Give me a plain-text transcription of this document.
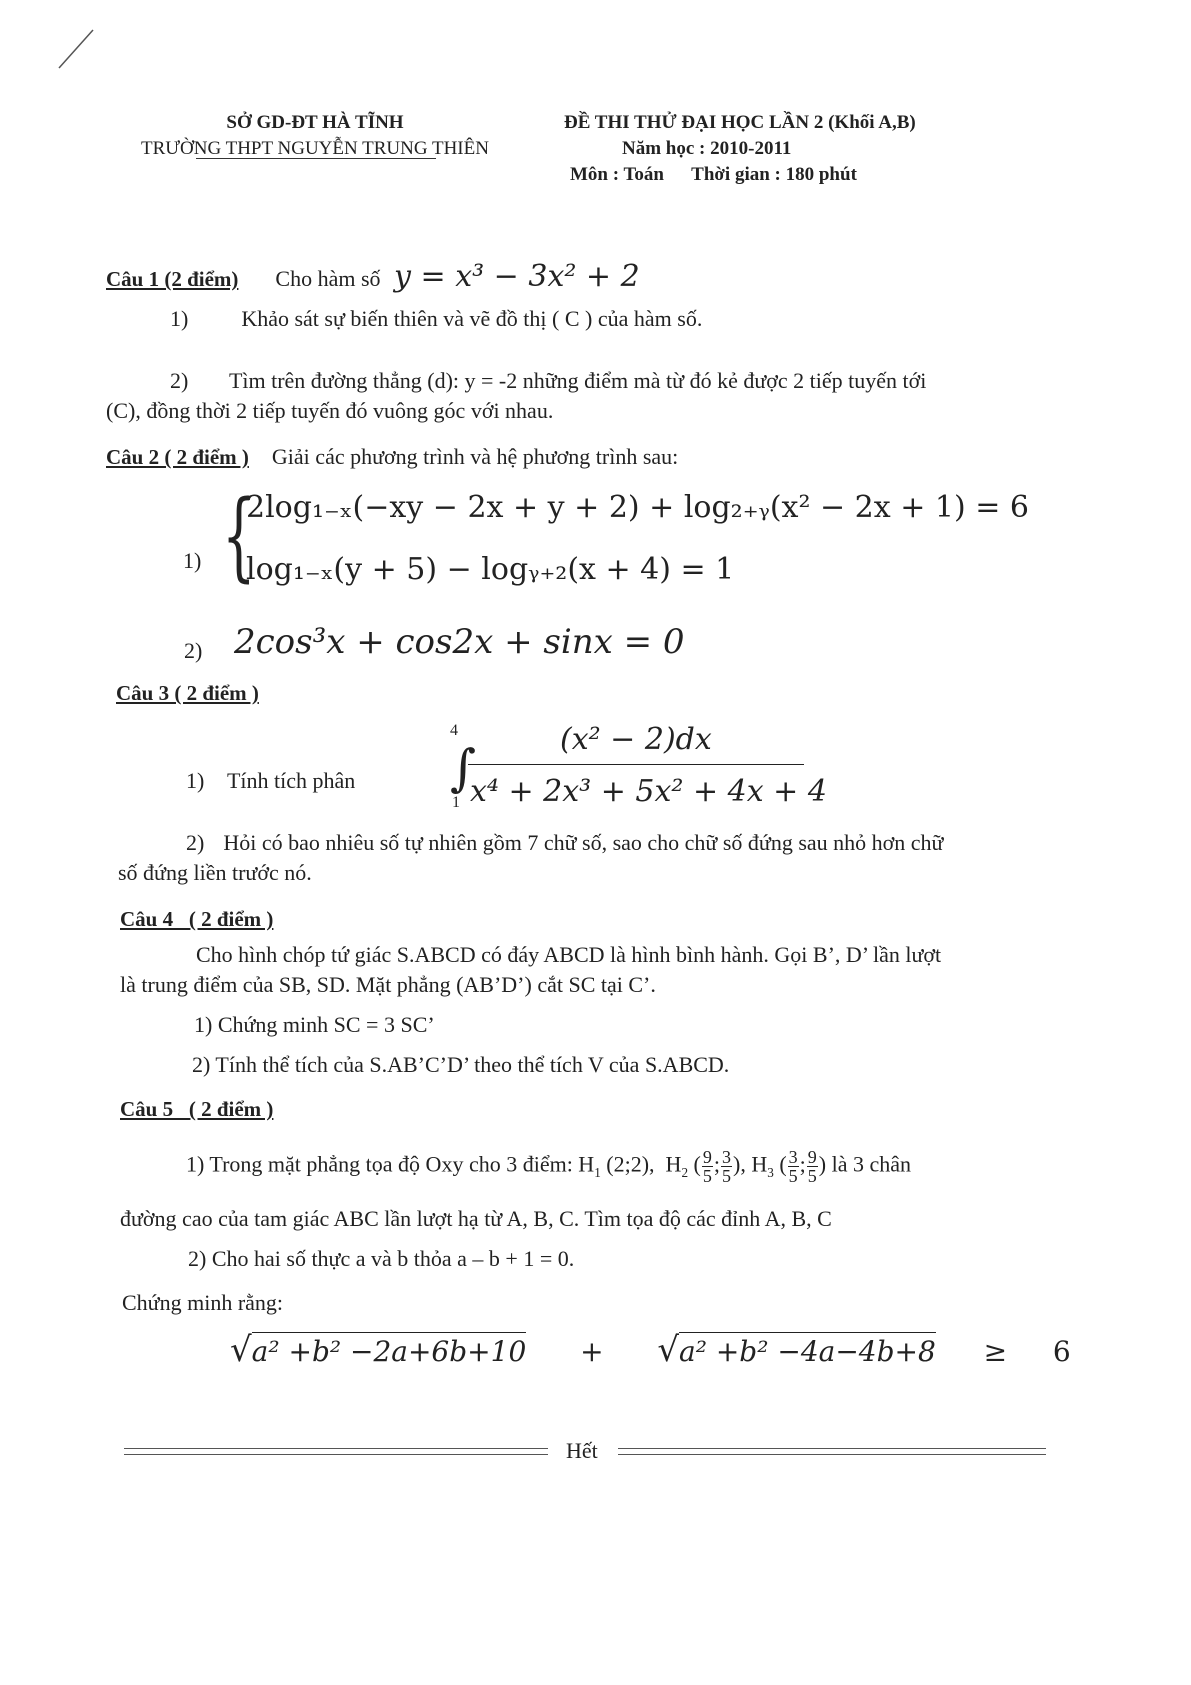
SỞ GD-ĐT HÀ TĨNH
TRƯỜNG THPT NGUYỄN TRUNG THIÊN
ĐỀ THI THỬ ĐẠI HỌC LẦN 2 (Khối A,B)
Năm học : 2010-2011
Môn : Toán Thời gian : 180 phút
Câu 1 (2 điểm) Cho hàm số y = x³ − 3x² + 2
1) Khảo sát sự biến thiên và vẽ đồ thị ( C ) của hàm số.
2) Tìm trên đường thẳng (d): y = -2 những điểm mà từ đó kẻ được 2 tiếp tuyến tới
(C), đồng thời 2 tiếp tuyến đó vuông góc với nhau.
Câu 2 ( 2 điểm ) Giải các phương trình và hệ phương trình sau:
1) {
2log₁₋ₓ(−xy − 2x + y + 2) + log₂₊ᵧ(x² − 2x + 1) = 6
log₁₋ₓ(y + 5) − logᵧ₊₂(x + 4) = 1
2) 2cos³x + cos2x + sinx = 0
Câu 3 ( 2 điểm )
1) Tính tích phân
4
∫
1
(x² − 2)dx
x⁴ + 2x³ + 5x² + 4x + 4
2) Hỏi có bao nhiêu số tự nhiên gồm 7 chữ số, sao cho chữ số đứng sau nhỏ hơn chữ
số đứng liền trước nó.
Câu 4   ( 2 điểm )
Cho hình chóp tứ giác S.ABCD có đáy ABCD là hình bình hành. Gọi B’, D’ lần lượt
là trung điểm của SB, SD. Mặt phẳng (AB’D’) cắt SC tại C’.
1) Chứng minh SC = 3 SC’
2) Tính thể tích của S.AB’C’D’ theo thể tích V của S.ABCD.
Câu 5   ( 2 điểm )
1) Trong mặt phẳng tọa độ Oxy cho 3 điểm: $H_1$ (2;2),  $H_2$ ( $\frac{9}{5}$ ; $\frac{3}{5}$ ), $H_3$ ( $\frac{3}{5}$ ; $\frac{9}{5}$ ) là 3 chân
đường cao của tam giác ABC lần lượt hạ từ A, B, C. Tìm tọa độ các đỉnh A, B, C
2) Cho hai số thực a và b thỏa a – b + 1 = 0.
Chứng minh rằng:
√a² +b² −2a+6b+10 + √a² +b² −4a−4b+8 ≥ 6
Hết
